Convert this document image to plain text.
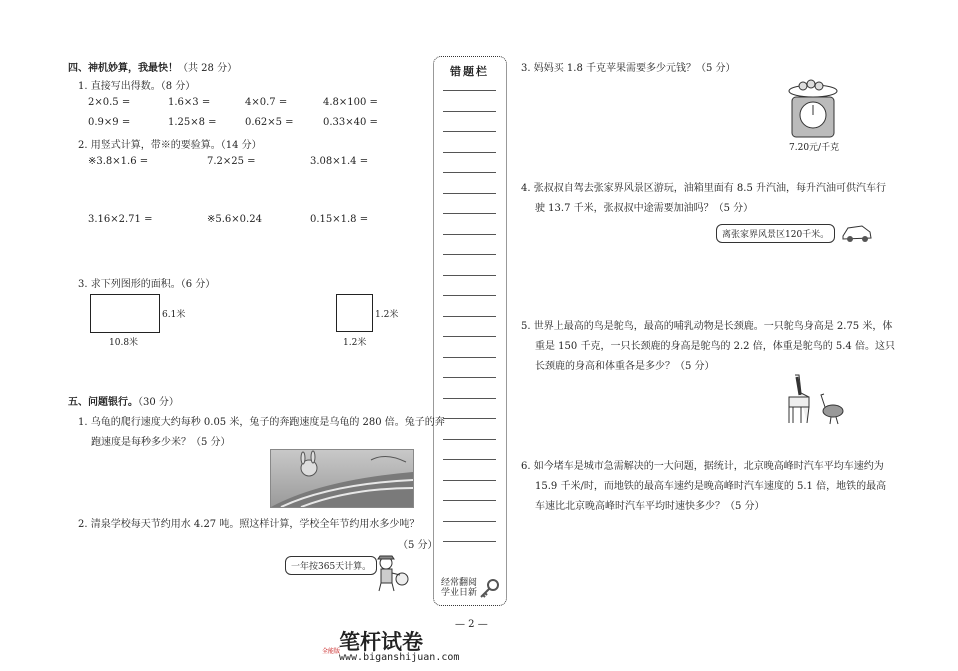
四、神机妙算，我最快！（共 28 分）
1. 直接写出得数。（8 分）
2×0.5 =	1.6×3 =	4×0.7 =	4.8×100 =
0.9×9 =	1.25×8 =	0.62×5 =	0.33×40 =
2. 用竖式计算，带※的要验算。（14 分）
※3.8×1.6 =	7.2×25 =	3.08×1.4 =
3.16×2.71 =	※5.6×0.24	0.15×1.8 =
3. 求下列图形的面积。（6 分）
6.1米
10.8米
1.2米
1.2米
五、问题银行。（30 分）
1. 乌龟的爬行速度大约每秒 0.05 米，兔子的奔跑速度是乌龟的 280 倍。兔子的奔
跑速度是每秒多少米？（5 分）
2. 清泉学校每天节约用水 4.27 吨。照这样计算，学校全年节约用水多少吨？
（5 分）
一年按365天计算。
错题栏
经常翻阅
学业日新
3. 妈妈买 1.8 千克苹果需要多少元钱？（5 分）
7.20元/千克
4. 张叔叔自驾去张家界风景区游玩，油箱里面有 8.5 升汽油，每升汽油可供汽车行
驶 13.7 千米，张叔叔中途需要加油吗？（5 分）
离张家界风景区120千米。
5. 世界上最高的鸟是鸵鸟，最高的哺乳动物是长颈鹿。一只鸵鸟身高是 2.75 米，体
重是 150 千克，一只长颈鹿的身高是鸵鸟的 2.2 倍，体重是鸵鸟的 5.4 倍。这只
长颈鹿的身高和体重各是多少？（5 分）
6. 如今堵车是城市急需解决的一大问题，据统计，北京晚高峰时汽车平均车速约为
15.9 千米/时，而地铁的最高车速约是晚高峰时汽车速度的 5.1 倍，地铁的最高
车速比北京晚高峰时汽车平均时速快多少？（5 分）
— 2 —
笔杆试卷
全能版
www.biganshijuan.com
